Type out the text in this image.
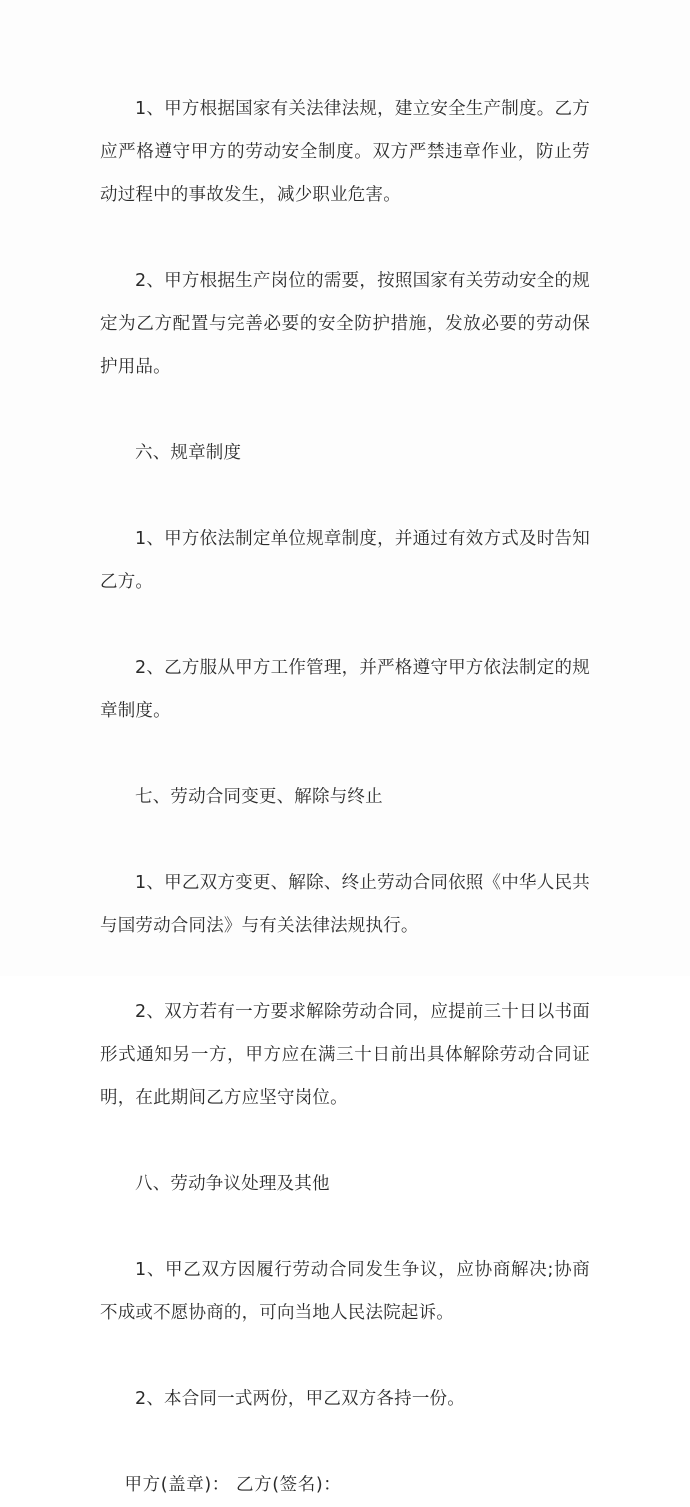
1、甲方根据国家有关法律法规，建立安全生产制度。乙方应严格遵守甲方的劳动安全制度。双方严禁违章作业，防止劳动过程中的事故发生，减少职业危害。

2、甲方根据生产岗位的需要，按照国家有关劳动安全的规定为乙方配置与完善必要的安全防护措施，发放必要的劳动保护用品。

六、规章制度

1、甲方依法制定单位规章制度，并通过有效方式及时告知乙方。

2、乙方服从甲方工作管理，并严格遵守甲方依法制定的规章制度。

七、劳动合同变更、解除与终止

1、甲乙双方变更、解除、终止劳动合同依照《中华人民共与国劳动合同法》与有关法律法规执行。

2、双方若有一方要求解除劳动合同，应提前三十日以书面形式通知另一方，甲方应在满三十日前出具体解除劳动合同证明，在此期间乙方应坚守岗位。

八、劳动争议处理及其他

1、甲乙双方因履行劳动合同发生争议，应协商解决;协商不成或不愿协商的，可向当地人民法院起诉。

2、本合同一式两份，甲乙双方各持一份。

甲方(盖章)： 乙方(签名)：
